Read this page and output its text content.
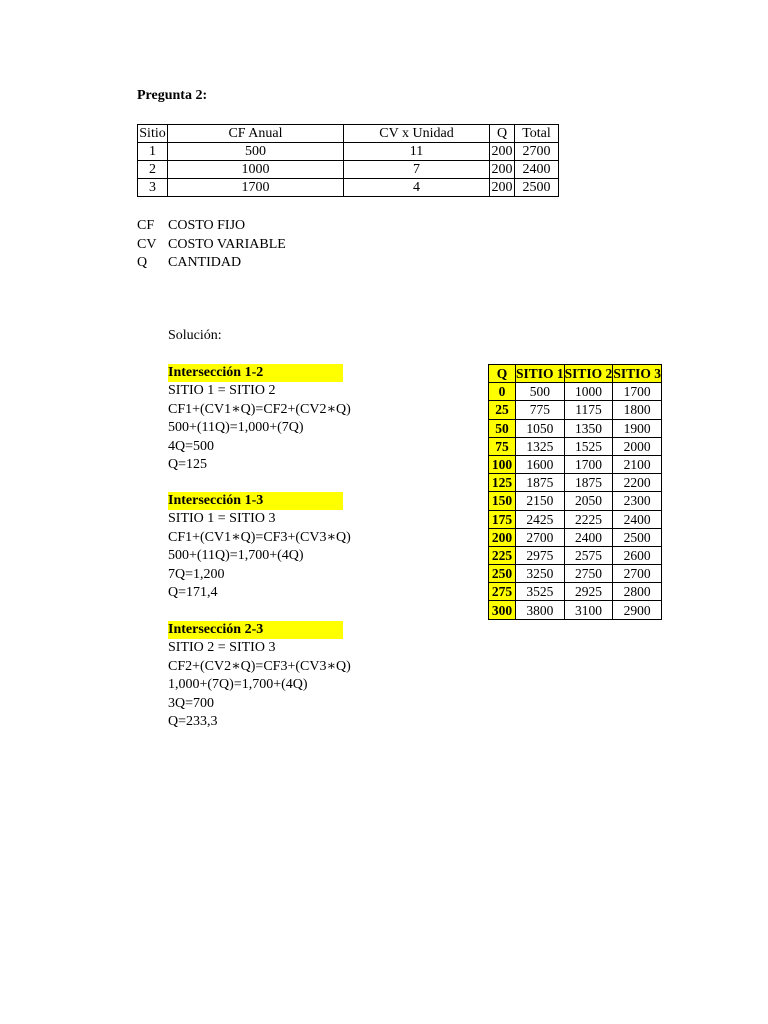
Pregunta 2:
Sitio	CF Anual	CV x Unidad	Q	Total
1	500	11	200	2700
2	1000	7	200	2400
3	1700	4	200	2500
CF COSTO FIJO
CV COSTO VARIABLE
Q	CANTIDAD
Solución:
Intersección 1-2
SITIO 1 = SITIO 2
CF1+(CV1∗Q)=CF2+(CV2∗Q)
500+(11Q)=1,000+(7Q)
4Q=500
Q=125
Intersección 1-3
SITIO 1 = SITIO 3
CF1+(CV1∗Q)=CF3+(CV3∗Q)
500+(11Q)=1,700+(4Q)
7Q=1,200
Q=171,4
Intersección 2-3
SITIO 2 = SITIO 3
CF2+(CV2∗Q)=CF3+(CV3∗Q)
1,000+(7Q)=1,700+(4Q)
3Q=700
Q=233,3
Q	SITIO 1	SITIO 2	SITIO 3
0	500	1000	1700
25	775	1175	1800
50	1050	1350	1900
75	1325	1525	2000
100	1600	1700	2100
125	1875	1875	2200
150	2150	2050	2300
175	2425	2225	2400
200	2700	2400	2500
225	2975	2575	2600
250	3250	2750	2700
275	3525	2925	2800
300	3800	3100	2900
